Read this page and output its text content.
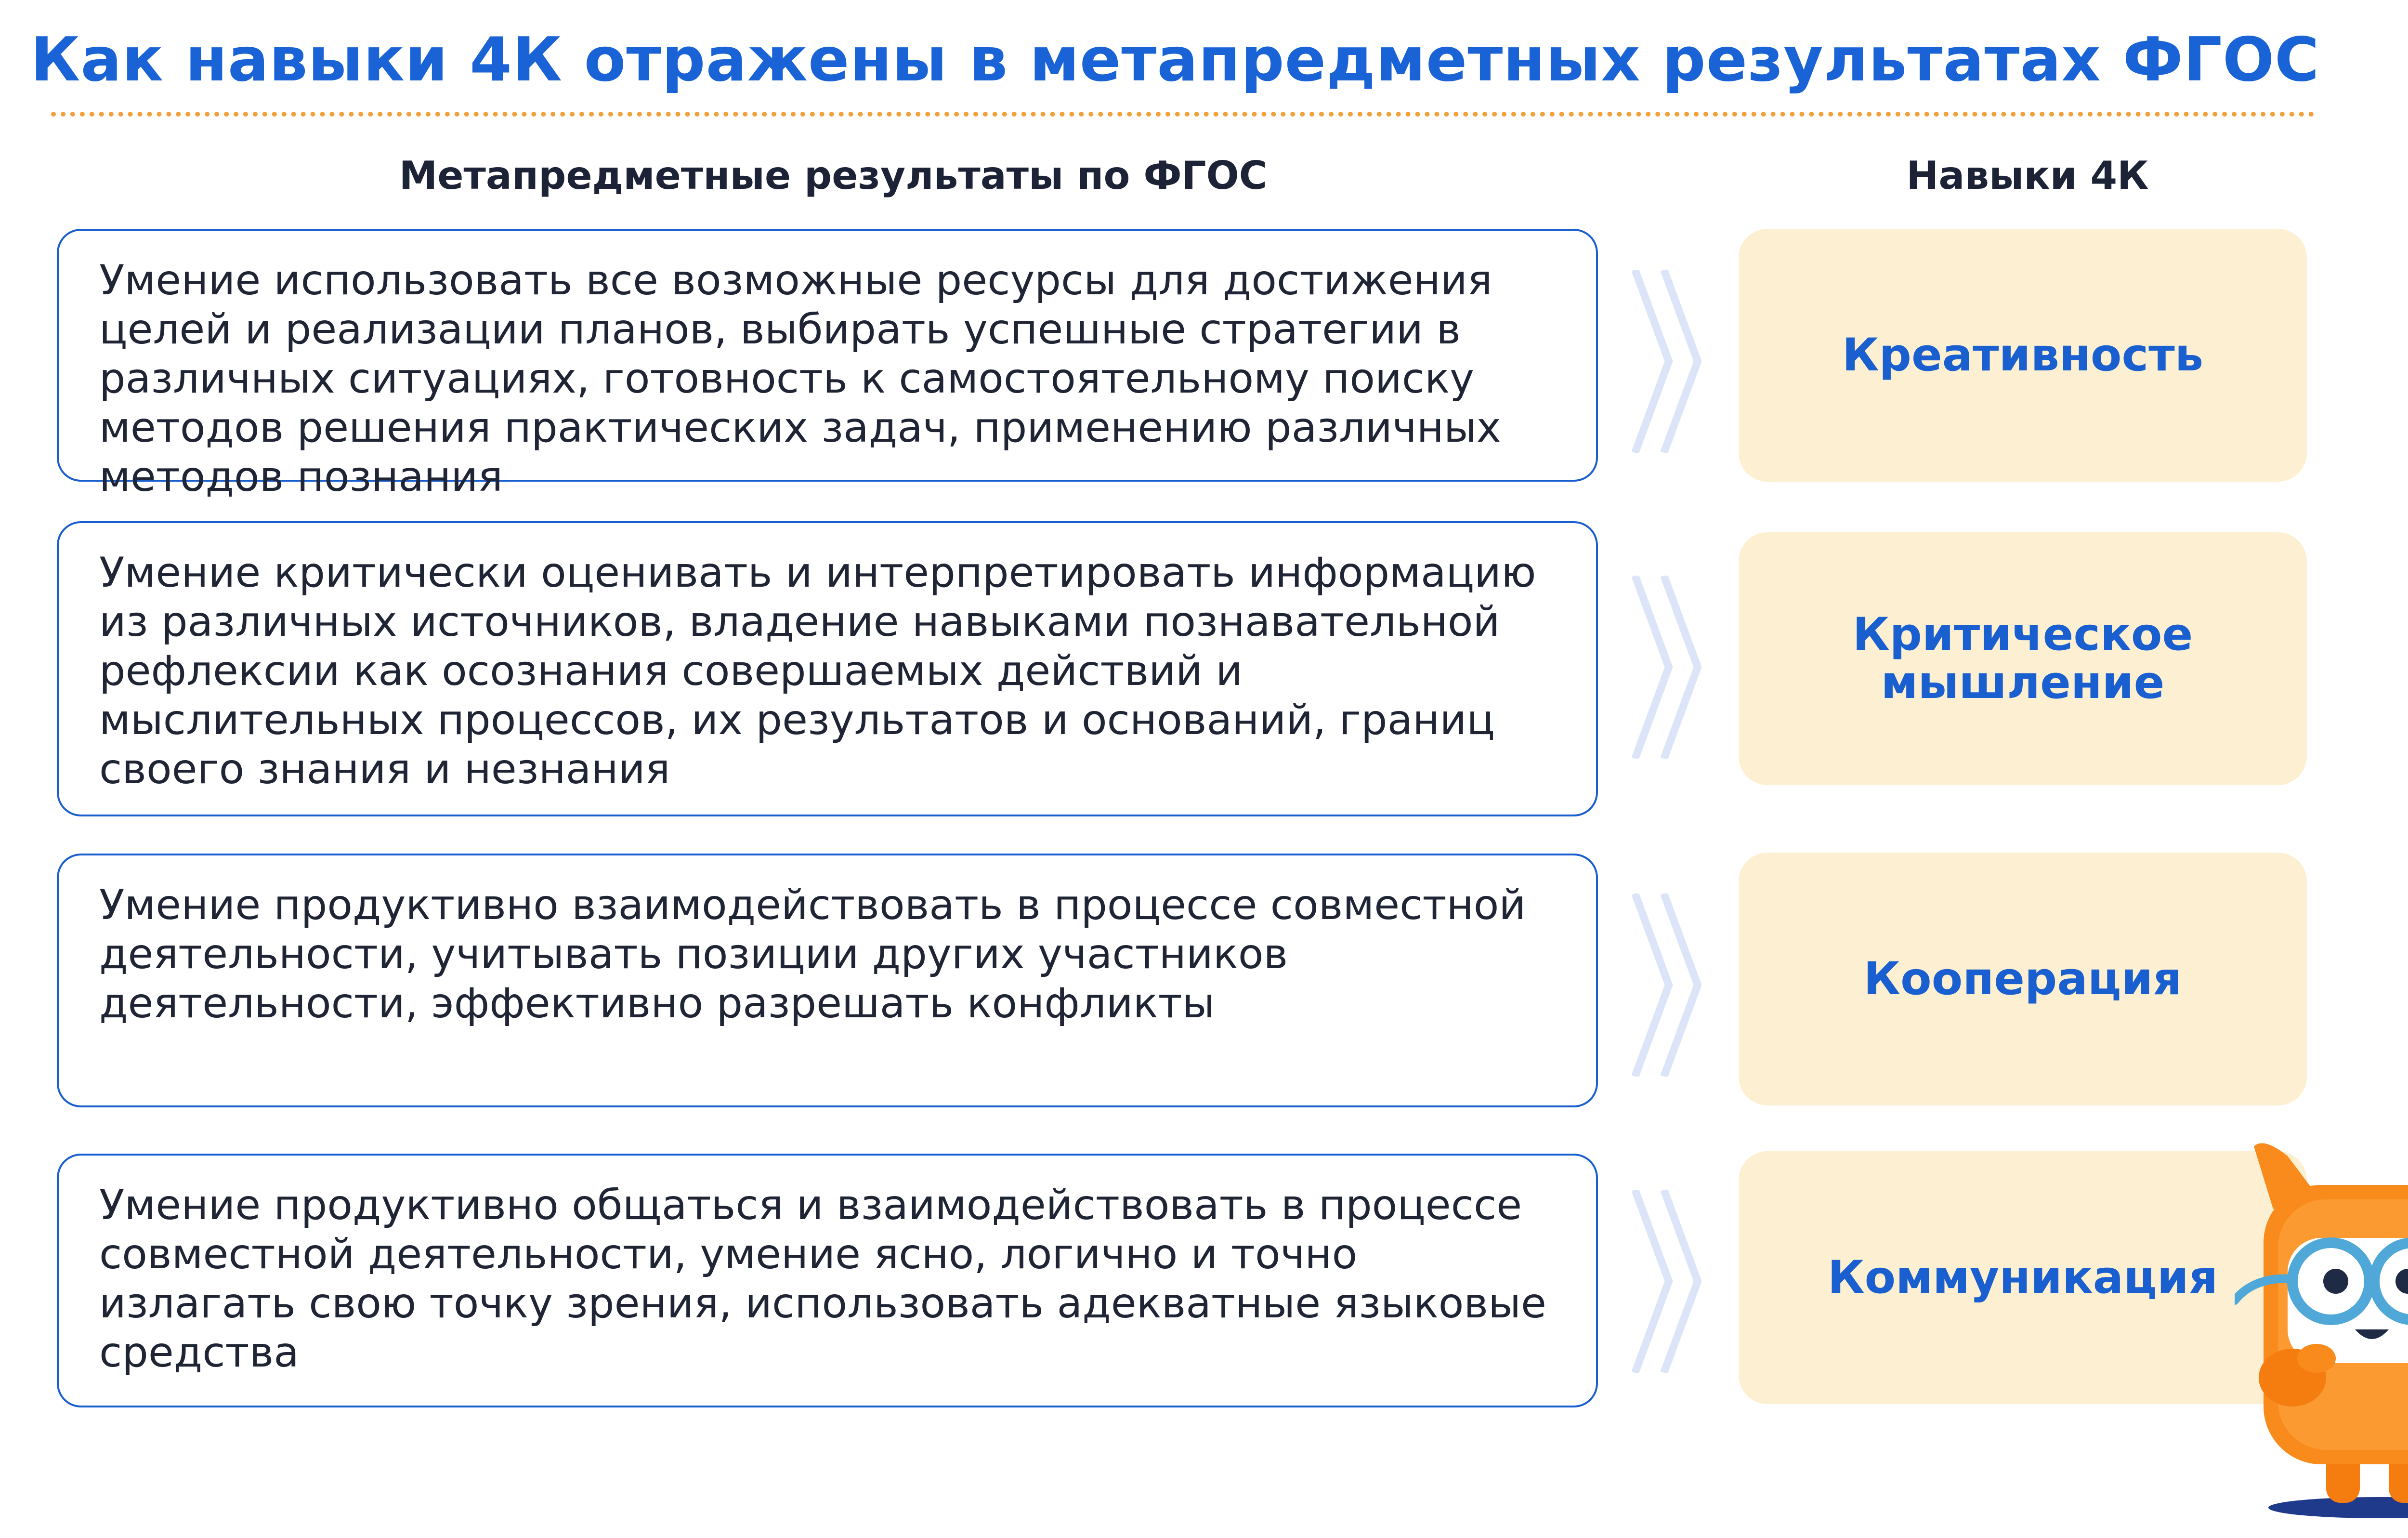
Как навыки 4К отражены в метапредметных результатах ФГОС
Метапредметные результаты по ФГОС	Навыки 4К
Умение использовать все возможные ресурсы для достижения целей и реализации планов, выбирать успешные стратегии в различных ситуациях, готовность к самостоятельному поиску методов решения практических задач, применению различных методов познания
Креативность
Умение критически оценивать и интерпретировать информацию из различных источников, владение навыками познавательной рефлексии как осознания совершаемых действий и мыслительных процессов, их результатов и оснований, границ своего знания и незнания
Критическое мышление
Умение продуктивно взаимодействовать в процессе совместной деятельности, учитывать позиции других участников деятельности, эффективно разрешать конфликты	Кооперация
Умение продуктивно общаться и взаимодействовать в процессе совместной деятельности, умение ясно, логично и точно излагать свою точку зрения, использовать адекватные языковые средства
Коммуникация
